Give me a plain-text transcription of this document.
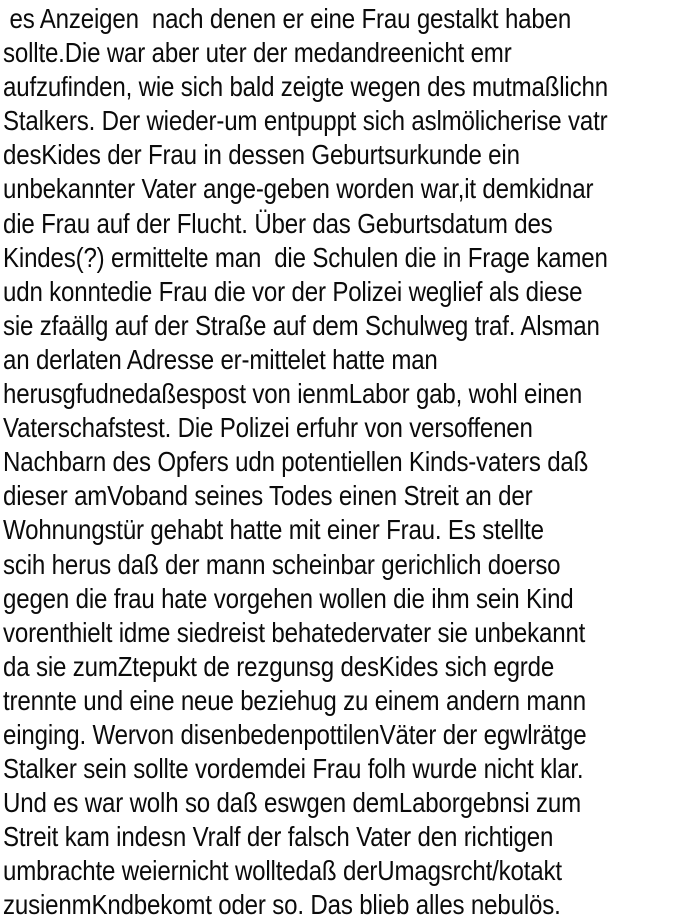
es Anzeigen  nach denen er eine Frau gestalkt haben
sollte.Die war aber uter der medandreenicht emr
aufzufinden, wie sich bald zeigte wegen des mutmaßlichn
Stalkers. Der wieder-um entpuppt sich aslmölicherise vatr
desKides der Frau in dessen Geburtsurkunde ein
unbekannter Vater ange-geben worden war,it demkidnar
die Frau auf der Flucht. Über das Geburtsdatum des
Kindes(?) ermittelte man  die Schulen die in Frage kamen
udn konntedie Frau die vor der Polizei weglief als diese
sie zfaällg auf der Straße auf dem Schulweg traf. Alsman
an derlaten Adresse er-mittelet hatte man
herusgfudnedaßespost von ienmLabor gab, wohl einen
Vaterschafstest. Die Polizei erfuhr von versoffenen
Nachbarn des Opfers udn potentiellen Kinds-vaters daß
dieser amVoband seines Todes einen Streit an der
Wohnungstür gehabt hatte mit einer Frau. Es stellte
scih herus daß der mann scheinbar gerichlich doerso
gegen die frau hate vorgehen wollen die ihm sein Kind
vorenthielt idme siedreist behatedervater sie unbekannt
da sie zumZtepukt de rezgunsg desKides sich egrde
trennte und eine neue beziehug zu einem andern mann
einging. Wervon disenbedenpottilenVäter der egwlrätge
Stalker sein sollte vordemdei Frau folh wurde nicht klar.
Und es war wolh so daß eswgen demLaborgebnsi zum
Streit kam indesn Vralf der falsch Vater den richtigen
umbrachte weiernicht wolltedaß derUmagsrcht/kotakt
zusienmKndbekomt oder so. Das blieb alles nebulös.
